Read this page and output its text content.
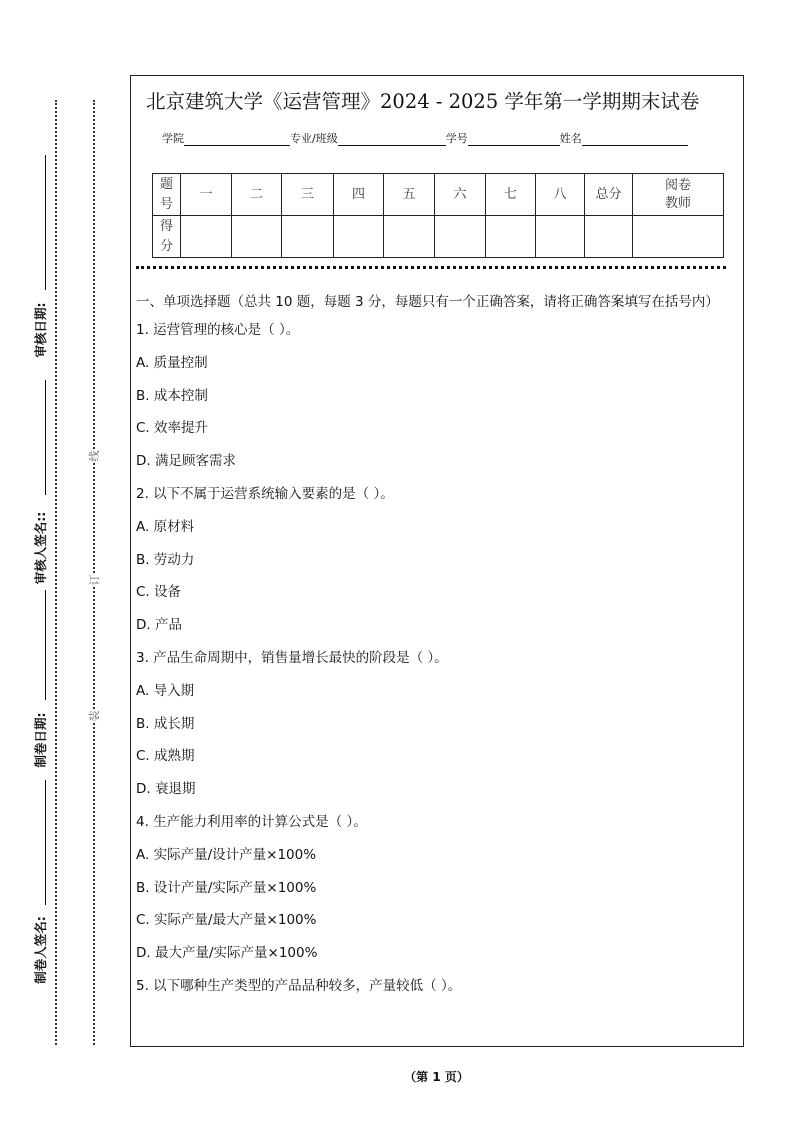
审核日期:
审核人签名::
制卷日期:
制卷人签名:
装
订
线
北京建筑大学《运营管理》2024 - 2025 学年第一学期期末试卷
学院	专业/班级	学号	姓名
题号	一	二	三	四	五	六	七	八	总分	阅卷教师
得分										
一、单项选择题（总共 10 题，每题 3 分，每题只有一个正确答案，请将正确答案填写在括号内）
1. 运营管理的核心是（ ）。
A. 质量控制
B. 成本控制
C. 效率提升
D. 满足顾客需求
2. 以下不属于运营系统输入要素的是（ ）。
A. 原材料
B. 劳动力
C. 设备
D. 产品
3. 产品生命周期中，销售量增长最快的阶段是（ ）。
A. 导入期
B. 成长期
C. 成熟期
D. 衰退期
4. 生产能力利用率的计算公式是（ ）。
A. 实际产量/设计产量×100%
B. 设计产量/实际产量×100%
C. 实际产量/最大产量×100%
D. 最大产量/实际产量×100%
5. 以下哪种生产类型的产品品种较多，产量较低（ ）。
（第 1 页）
